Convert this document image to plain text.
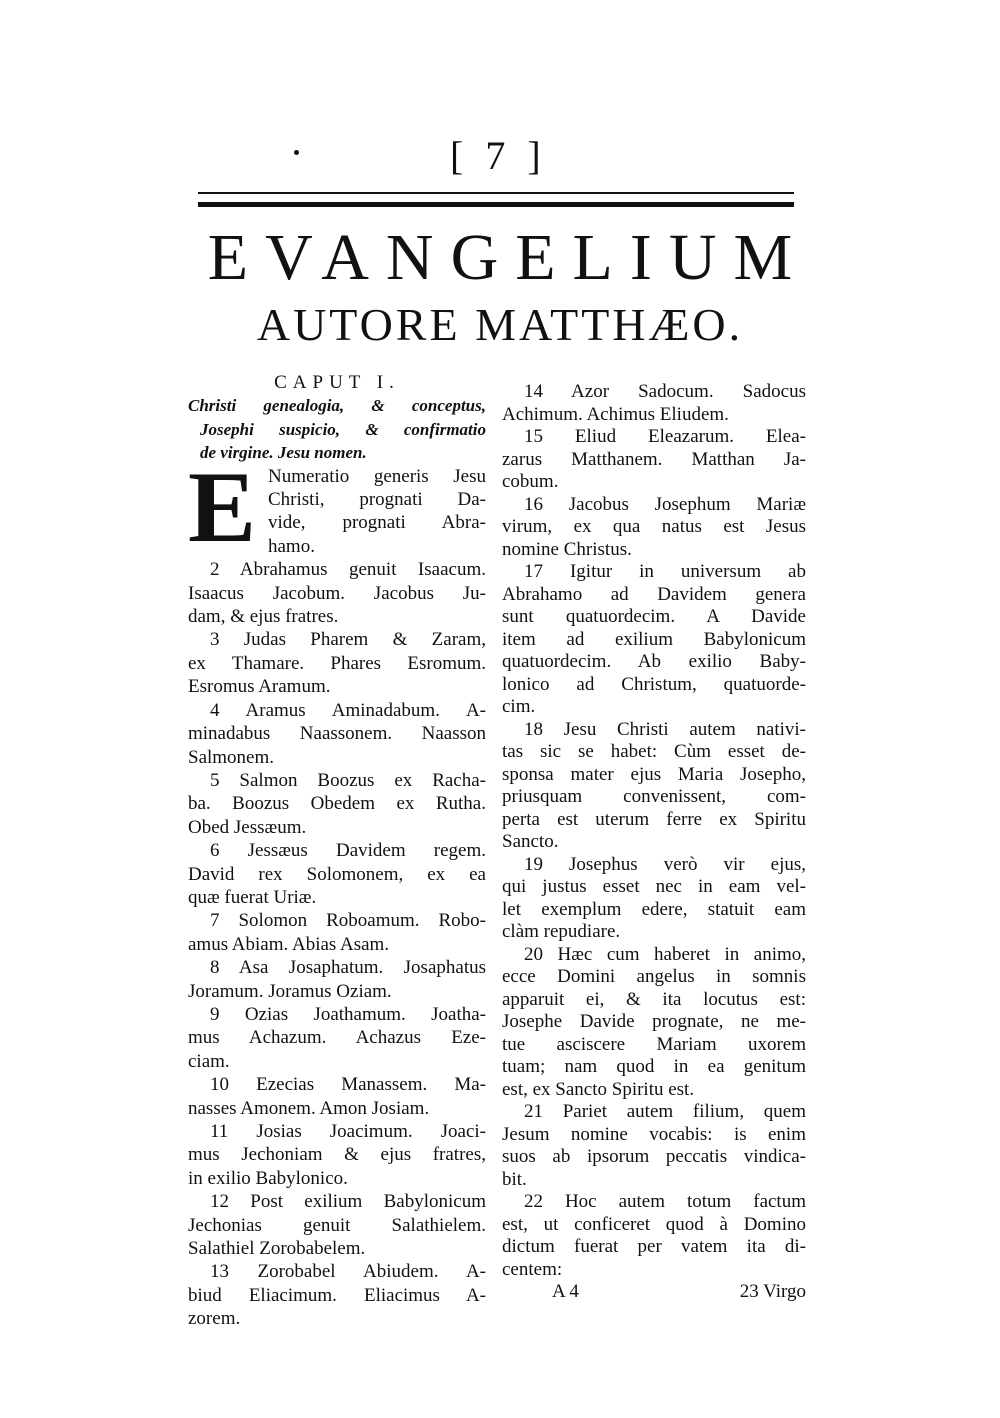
[ 7 ]
EVANGELIUM
AUTORE MATTHÆO.
CAPUT I.
Christi genealogia, & conceptus,
Josephi suspicio, & confirmatio
de virgine. Jesu nomen.
E Numeratio generis Jesu
Christi, prognati Da-
vide, prognati Abra-
hamo.
2 Abrahamus genuit Isaacum.
Isaacus Jacobum. Jacobus Ju-
dam, & ejus fratres.
3 Judas Pharem & Zaram,
ex Thamare. Phares Esromum.
Esromus Aramum.
4 Aramus Aminadabum. A-
minadabus Naassonem. Naasson
Salmonem.
5 Salmon Boozus ex Racha-
ba. Boozus Obedem ex Rutha.
Obed Jessæum.
6 Jessæus Davidem regem.
David rex Solomonem, ex ea
quæ fuerat Uriæ.
7 Solomon Roboamum. Robo-
amus Abiam. Abias Asam.
8 Asa Josaphatum. Josaphatus
Joramum. Joramus Oziam.
9 Ozias Joathamum. Joatha-
mus Achazum. Achazus Eze-
ciam.
10 Ezecias Manassem. Ma-
nasses Amonem. Amon Josiam.
11 Josias Joacimum. Joaci-
mus Jechoniam & ejus fratres,
in exilio Babylonico.
12 Post exilium Babylonicum
Jechonias genuit Salathielem.
Salathiel Zorobabelem.
13 Zorobabel Abiudem. A-
biud Eliacimum. Eliacimus A-
zorem.
14 Azor Sadocum. Sadocus
Achimum. Achimus Eliudem.
15 Eliud Eleazarum. Elea-
zarus Matthanem. Matthan Ja-
cobum.
16 Jacobus Josephum Mariæ
virum, ex qua natus est Jesus
nomine Christus.
17 Igitur in universum ab
Abrahamo ad Davidem genera
sunt quatuordecim. A Davide
item ad exilium Babylonicum
quatuordecim. Ab exilio Baby-
lonico ad Christum, quatuorde-
cim.
18 Jesu Christi autem nativi-
tas sic se habet: Cùm esset de-
sponsa mater ejus Maria Josepho,
priusquam convenissent, com-
perta est uterum ferre ex Spiritu
Sancto.
19 Josephus verò vir ejus,
qui justus esset nec in eam vel-
let exemplum edere, statuit eam
clàm repudiare.
20 Hæc cum haberet in animo,
ecce Domini angelus in somnis
apparuit ei, & ita locutus est:
Josephe Davide prognate, ne me-
tue asciscere Mariam uxorem
tuam; nam quod in ea genitum
est, ex Sancto Spiritu est.
21 Pariet autem filium, quem
Jesum nomine vocabis: is enim
suos ab ipsorum peccatis vindica-
bit.
22 Hoc autem totum factum
est, ut conficeret quod à Domino
dictum fuerat per vatem ita di-
centem:
A 4	23 Virgo
